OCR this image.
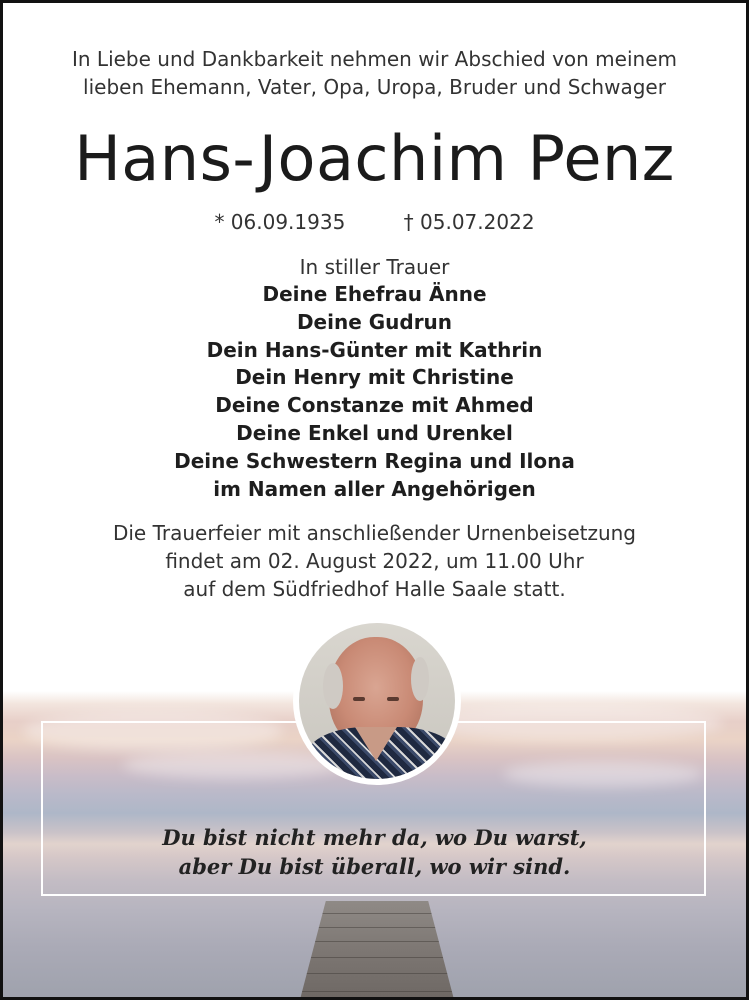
In Liebe und Dankbarkeit nehmen wir Abschied von meinem
lieben Ehemann, Vater, Opa, Uropa, Bruder und Schwager
Hans-Joachim Penz
* 06.09.1935	† 05.07.2022
In stiller Trauer
Deine Ehefrau Änne
Deine Gudrun
Dein Hans-Günter mit Kathrin
Dein Henry mit Christine
Deine Constanze mit Ahmed
Deine Enkel und Urenkel
Deine Schwestern Regina und Ilona
im Namen aller Angehörigen
Die Trauerfeier mit anschließender Urnenbeisetzung
findet am 02. August 2022, um 11.00 Uhr
auf dem Südfriedhof Halle Saale statt.
Du bist nicht mehr da, wo Du warst,
aber Du bist überall, wo wir sind.
